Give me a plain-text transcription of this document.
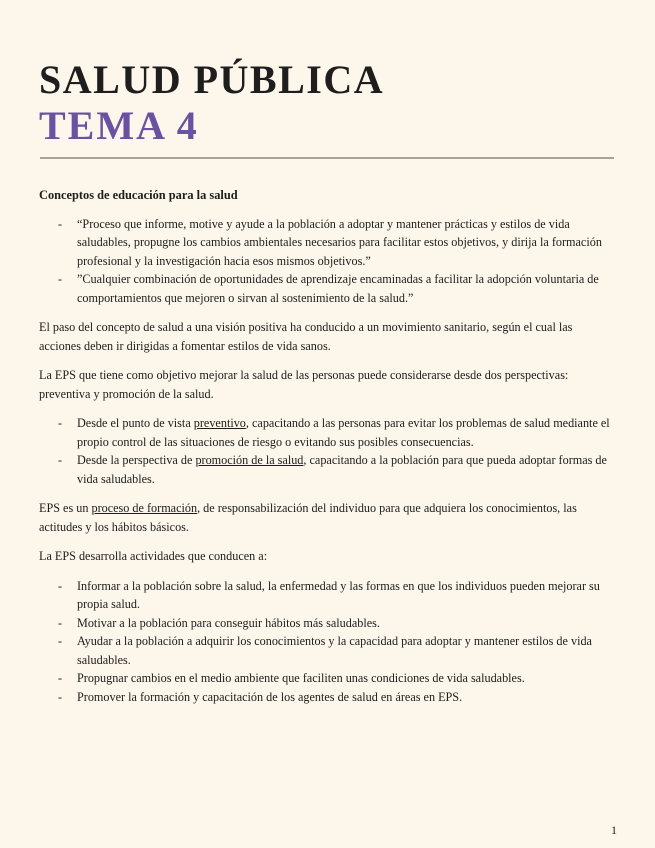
SALUD PÚBLICA
TEMA 4

Conceptos de educación para la salud

- “Proceso que informe, motive y ayude a la población a adoptar y mantener prácticas y estilos de vida saludables, propugne los cambios ambientales necesarios para facilitar estos objetivos, y dirija la formación profesional y la investigación hacia esos mismos objetivos.”
- ”Cualquier combinación de oportunidades de aprendizaje encaminadas a facilitar la adopción voluntaria de comportamientos que mejoren o sirvan al sostenimiento de la salud.”

El paso del concepto de salud a una visión positiva ha conducido a un movimiento sanitario, según el cual las acciones deben ir dirigidas a fomentar estilos de vida sanos.

La EPS que tiene como objetivo mejorar la salud de las personas puede considerarse desde dos perspectivas: preventiva y promoción de la salud.

- Desde el punto de vista preventivo, capacitando a las personas para evitar los problemas de salud mediante el propio control de las situaciones de riesgo o evitando sus posibles consecuencias.
- Desde la perspectiva de promoción de la salud, capacitando a la población para que pueda adoptar formas de vida saludables.

EPS es un proceso de formación, de responsabilización del individuo para que adquiera los conocimientos, las actitudes y los hábitos básicos.

La EPS desarrolla actividades que conducen a:

- Informar a la población sobre la salud, la enfermedad y las formas en que los individuos pueden mejorar su propia salud.
- Motivar a la población para conseguir hábitos más saludables.
- Ayudar a la población a adquirir los conocimientos y la capacidad para adoptar y mantener estilos de vida saludables.
- Propugnar cambios en el medio ambiente que faciliten unas condiciones de vida saludables.
- Promover la formación y capacitación de los agentes de salud en áreas en EPS.
1
